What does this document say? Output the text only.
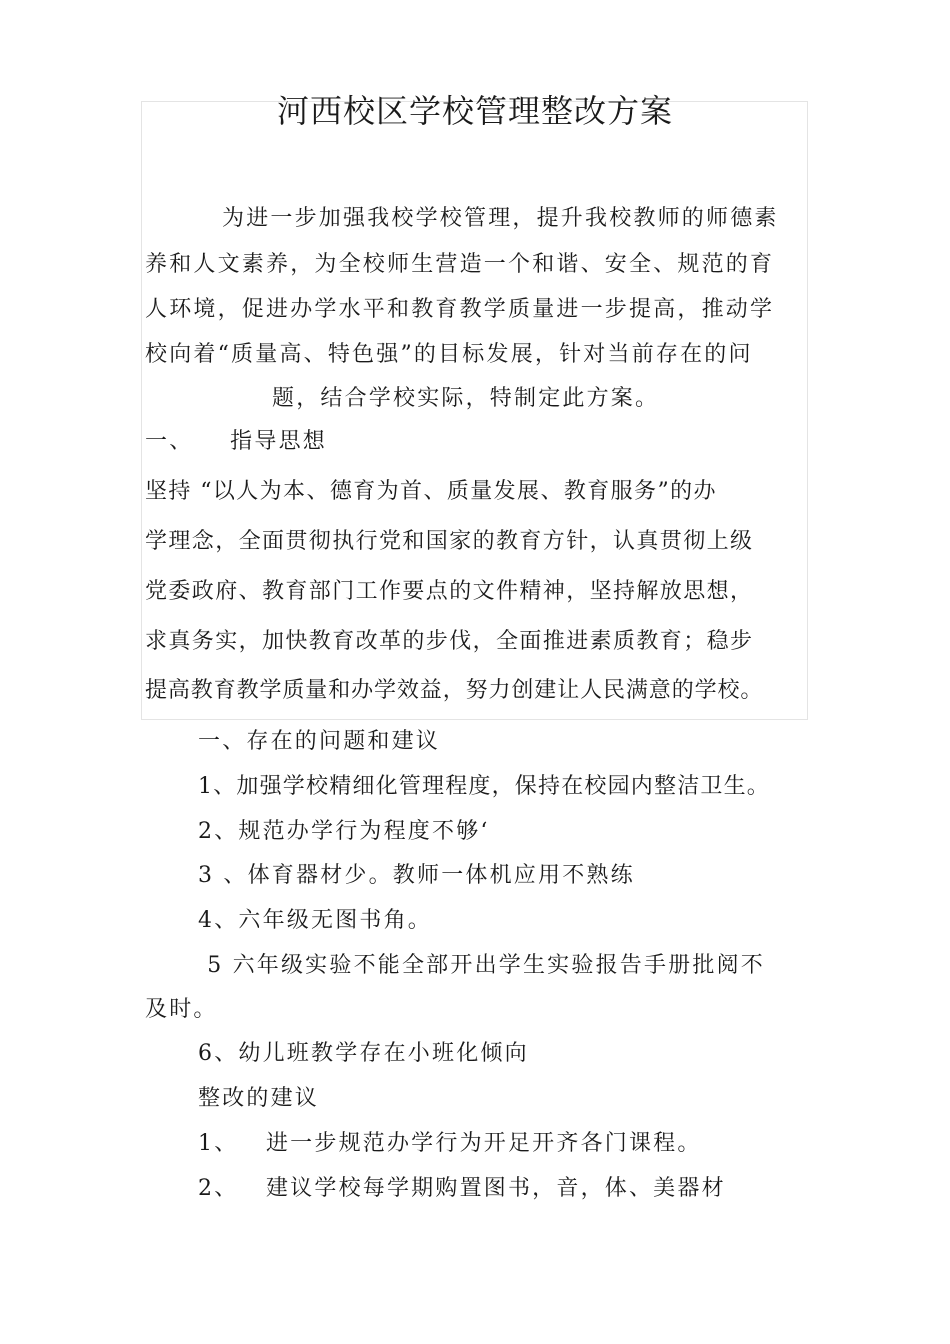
河西校区学校管理整改方案
为进一步加强我校学校管理，提升我校教师的师德素
养和人文素养，为全校师生营造一个和谐、安全、规范的育
人环境，促进办学水平和教育教学质量进一步提高，推动学
校向着“质量高、特色强”的目标发展，针对当前存在的问
题，结合学校实际，特制定此方案。
一、    指导思想
坚持 “以人为本、德育为首、质量发展、教育服务”的办
学理念，全面贯彻执行党和国家的教育方针，认真贯彻上级
党委政府、教育部门工作要点的文件精神，坚持解放思想，
求真务实，加快教育改革的步伐，全面推进素质教育；稳步
提高教育教学质量和办学效益，努力创建让人民满意的学校。
一、存在的问题和建议
1、加强学校精细化管理程度，保持在校园内整洁卫生。
2、规范办学行为程度不够‘
3 、体育器材少。教师一体机应用不熟练
4、六年级无图书角。
5 六年级实验不能全部开出学生实验报告手册批阅不
及时。
6、幼儿班教学存在小班化倾向
整改的建议
1、   进一步规范办学行为开足开齐各门课程。
2、   建议学校每学期购置图书，音，体、美器材
